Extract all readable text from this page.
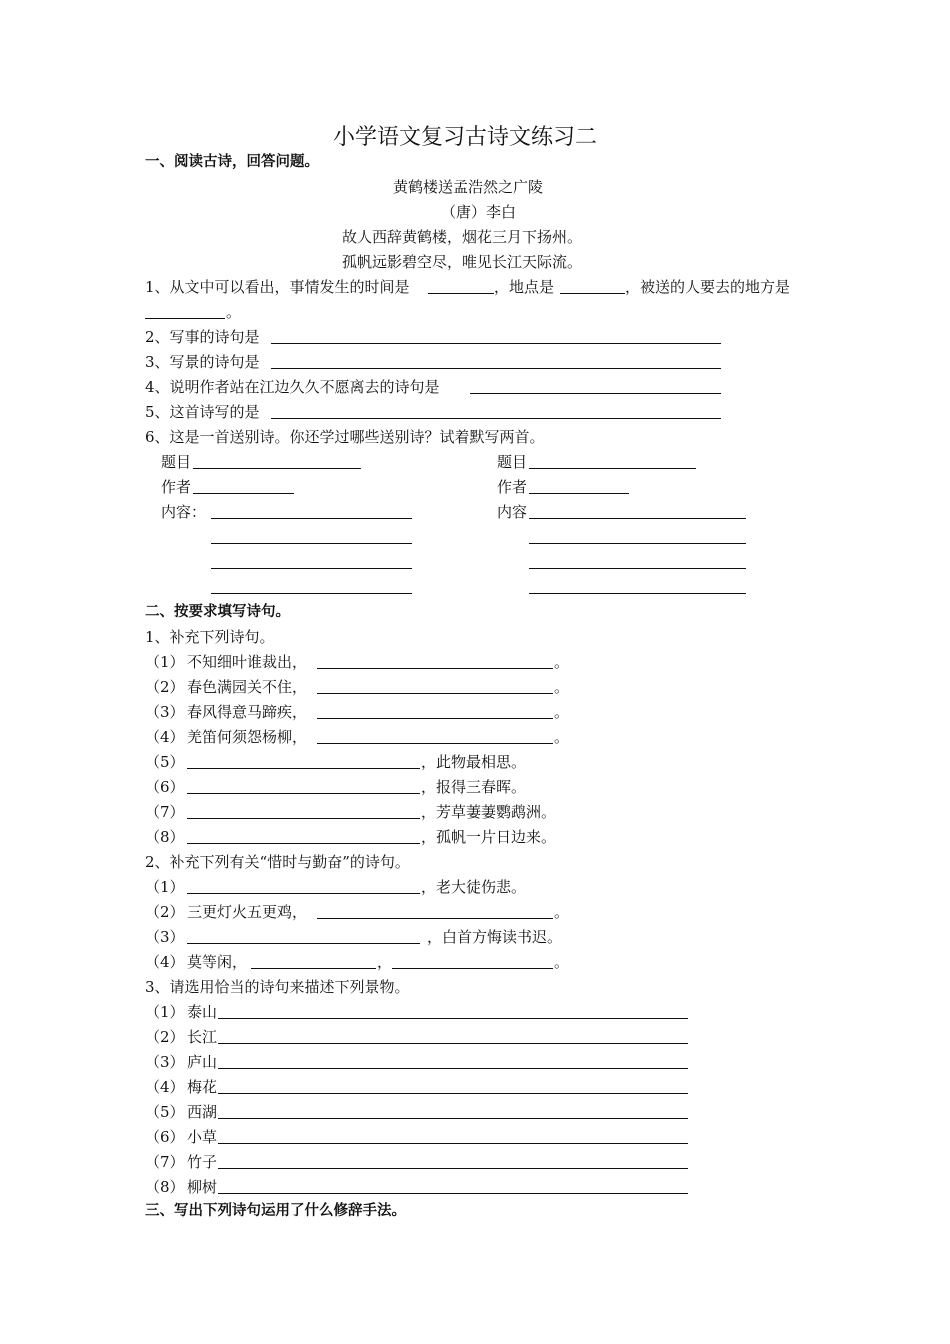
小学语文复习古诗文练习二
一、阅读古诗，回答问题。
黄鹤楼送孟浩然之广陵
（唐）李白
故人西辞黄鹤楼，烟花三月下扬州。
孤帆远影碧空尽，唯见长江天际流。
1、从文中可以看出，事情发生的时间是	，地点是	，被送的人要去的地方是
。
2、写事的诗句是
3、写景的诗句是
4、说明作者站在江边久久不愿离去的诗句是
5、这首诗写的是
6、这是一首送别诗。你还学过哪些送别诗？试着默写两首。
题目	题目
作者	作者
内容：	内容
二、按要求填写诗句。
1、补充下列诗句。
（1） 不知细叶谁裁出，	。
（2） 春色满园关不住，	。
（3） 春风得意马蹄疾，	。
（4） 羌笛何须怨杨柳，	。
（5）	，此物最相思。
（6）	，报得三春晖。
（7）	，芳草萋萋鹦鹉洲。
（8）	，孤帆一片日边来。
2、补充下列有关“惜时与勤奋”的诗句。
（1）	，老大徒伤悲。
（2） 三更灯火五更鸡，	。
（3）	，白首方悔读书迟。
（4） 莫等闲，	，	。
3、请选用恰当的诗句来描述下列景物。
（1） 泰山
（2） 长江
（3） 庐山
（4） 梅花
（5） 西湖
（6） 小草
（7） 竹子
（8） 柳树
三、写出下列诗句运用了什么修辞手法。
